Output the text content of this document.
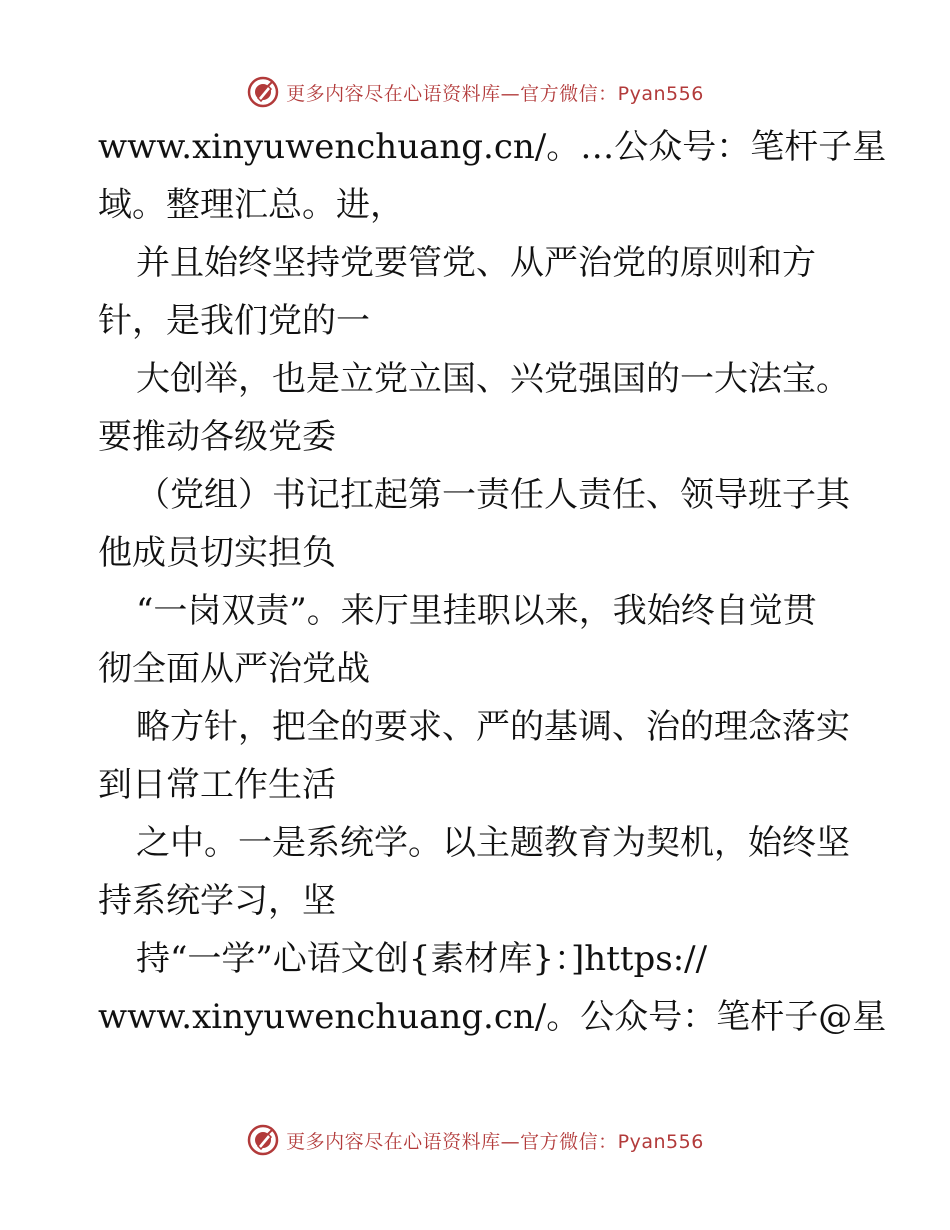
更多内容尽在心语资料库—官方微信：Pyan556
www.xinyuwenchuang.cn/。…公众号：笔杆子星
域。整理汇总。进，
并且始终坚持党要管党、从严治党的原则和方
针，是我们党的一
大创举，也是立党立国、兴党强国的一大法宝。
要推动各级党委
（党组）书记扛起第一责任人责任、领导班子其
他成员切实担负
“一岗双责”。来厅里挂职以来，我始终自觉贯
彻全面从严治党战
略方针，把全的要求、严的基调、治的理念落实
到日常工作生活
之中。一是系统学。以主题教育为契机，始终坚
持系统学习，坚
持“一学”心语文创{素材库}：]https://
www.xinyuwenchuang.cn/。公众号：笔杆子@星
更多内容尽在心语资料库—官方微信：Pyan556
